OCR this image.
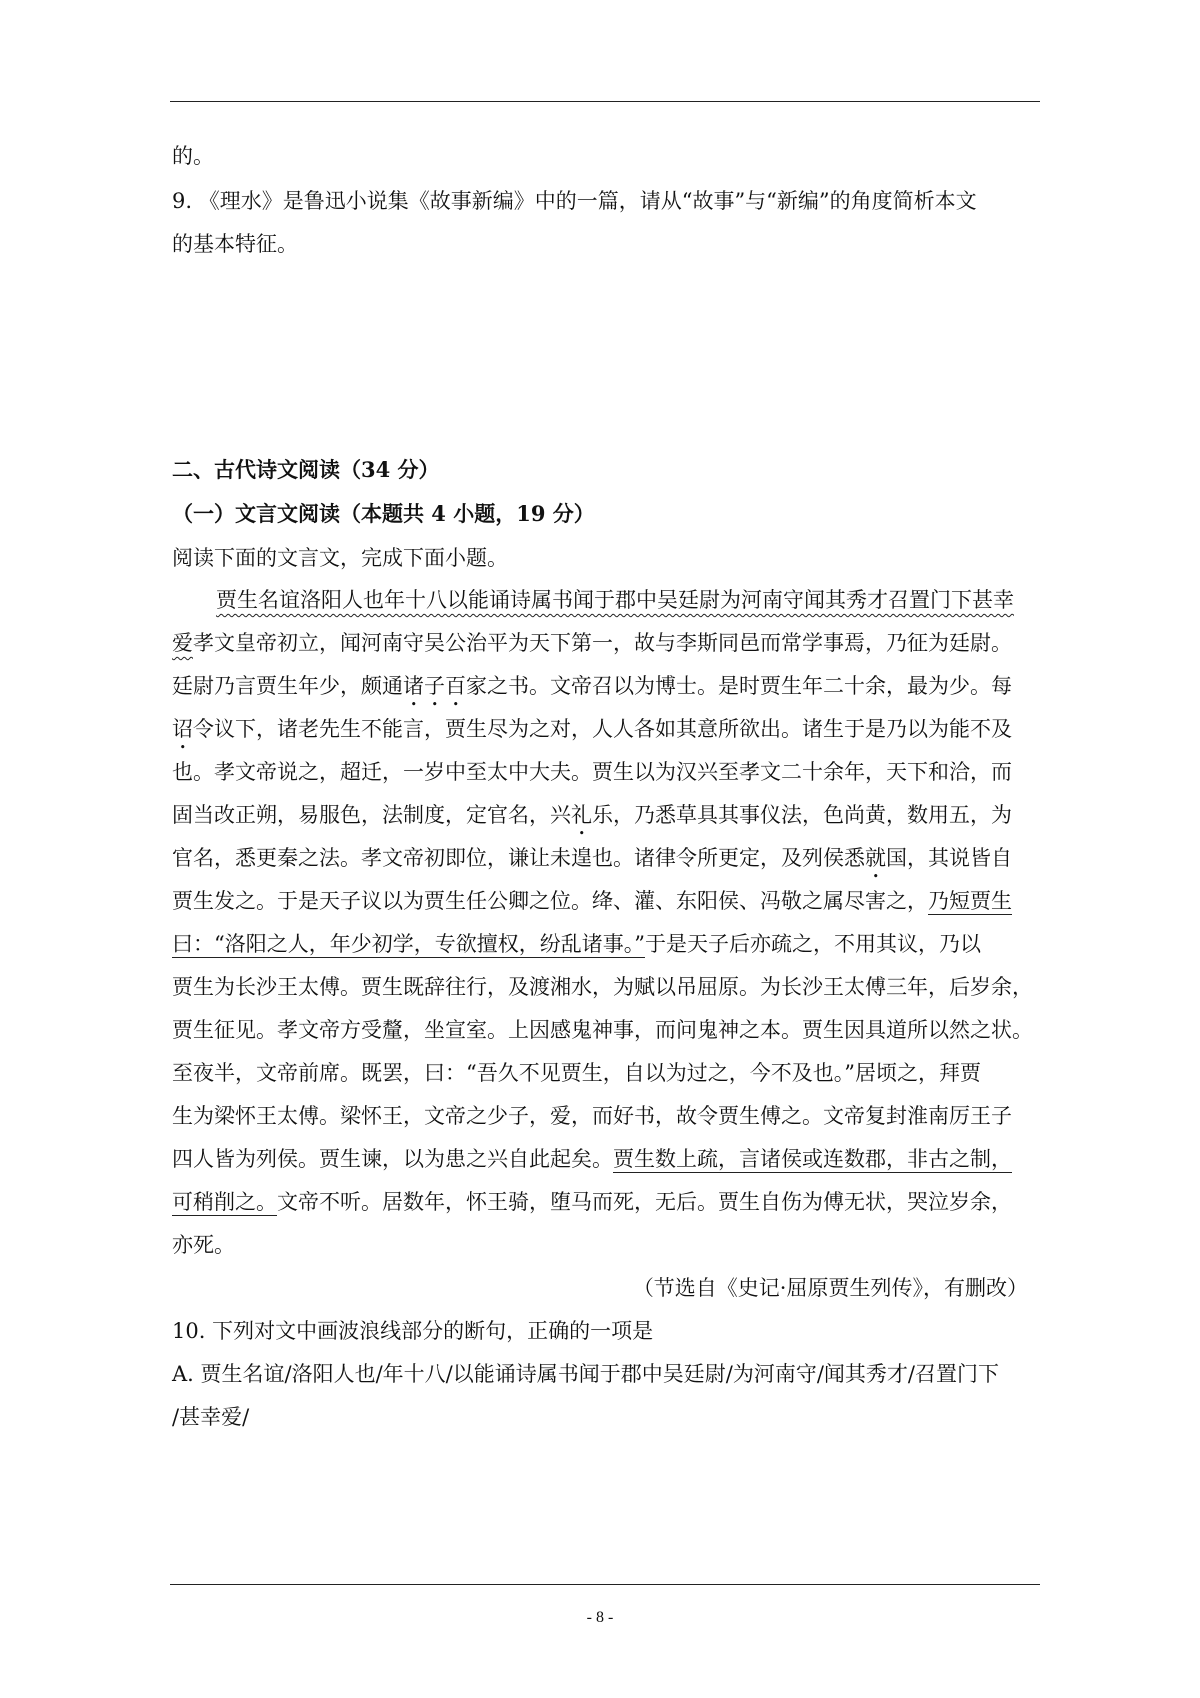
的。
9. 《理水》是鲁迅小说集《故事新编》中的一篇，请从“故事”与“新编”的角度简析本文
的基本特征。
二、古代诗文阅读（34 分）
（一）文言文阅读（本题共 4 小题，19 分）
阅读下面的文言文，完成下面小题。
贾生名谊洛阳人也年十八以能诵诗属书闻于郡中吴廷尉为河南守闻其秀才召置门下甚幸
爱孝文皇帝初立，闻河南守吴公治平为天下第一，故与李斯同邑而常学事焉，乃征为廷尉。
廷尉乃言贾生年少，颇通诸子百家之书。文帝召以为博士。是时贾生年二十余，最为少。每
诏令议下，诸老先生不能言，贾生尽为之对，人人各如其意所欲出。诸生于是乃以为能不及
也。孝文帝说之，超迁，一岁中至太中大夫。贾生以为汉兴至孝文二十余年，天下和洽，而
固当改正朔，易服色，法制度，定官名，兴礼乐，乃悉草具其事仪法，色尚黄，数用五，为
官名，悉更秦之法。孝文帝初即位，谦让未遑也。诸律令所更定，及列侯悉就国，其说皆自
贾生发之。于是天子议以为贾生任公卿之位。绛、灌、东阳侯、冯敬之属尽害之，乃短贾生
曰：“洛阳之人，年少初学，专欲擅权，纷乱诸事。”于是天子后亦疏之，不用其议，乃以
贾生为长沙王太傅。贾生既辞往行，及渡湘水，为赋以吊屈原。为长沙王太傅三年，后岁余，
贾生征见。孝文帝方受釐，坐宣室。上因感鬼神事，而问鬼神之本。贾生因具道所以然之状。
至夜半，文帝前席。既罢，曰：“吾久不见贾生，自以为过之，今不及也。”居顷之，拜贾
生为梁怀王太傅。梁怀王，文帝之少子，爱，而好书，故令贾生傅之。文帝复封淮南厉王子
四人皆为列侯。贾生谏，以为患之兴自此起矣。贾生数上疏，言诸侯或连数郡，非古之制，
可稍削之。文帝不听。居数年，怀王骑，堕马而死，无后。贾生自伤为傅无状，哭泣岁余，
亦死。
（节选自《史记·屈原贾生列传》，有删改）
10. 下列对文中画波浪线部分的断句，正确的一项是
A. 贾生名谊/洛阳人也/年十八/以能诵诗属书闻于郡中吴廷尉/为河南守/闻其秀才/召置门下
/甚幸爱/
- 8 -
